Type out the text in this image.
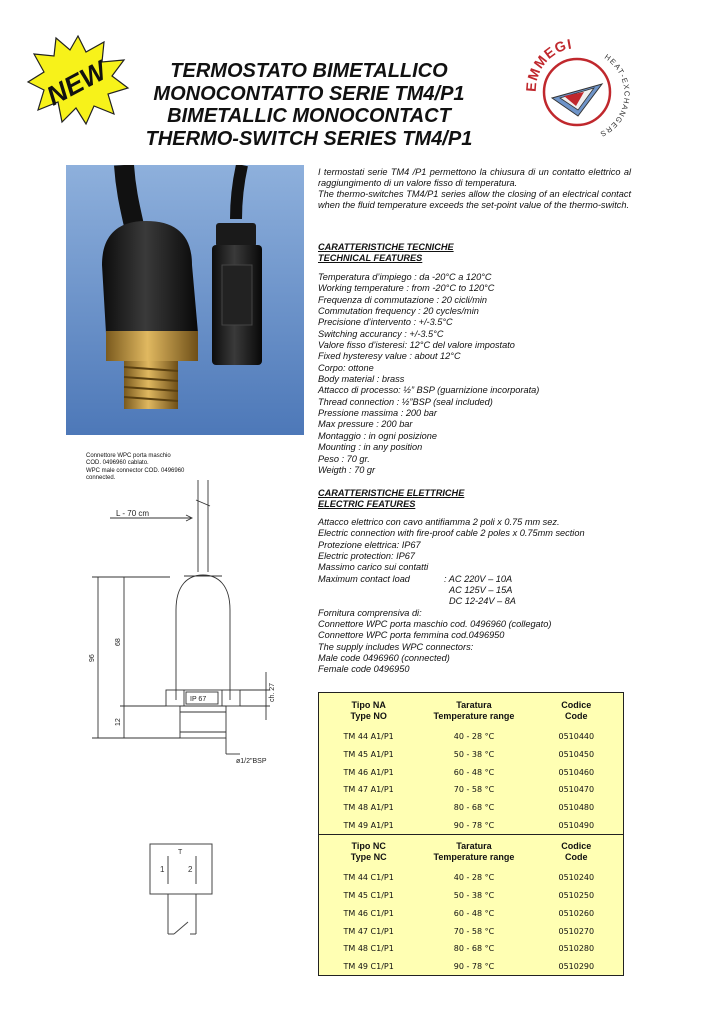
NEW	TERMOSTATO BIMETALLICO
MONOCONTATTO SERIE TM4/P1
BIMETALLIC MONOCONTACT
THERMO-SWITCH SERIES TM4/P1
EMMEGI
HEAT-EXCHANGERS
I termostati serie TM4 /P1 permettono la chiusura di un contatto elettrico al raggiungimento di un valore fisso di temperatura.
The thermo-switches TM4/P1 series allow the closing of an electrical contact when the fluid temperature exceeds the set-point value of the thermo-switch.
CARATTERISTICHE TECNICHE
TECHNICAL FEATURES
Temperatura d’impiego : da -20°C a 120°C
Working temperature : from -20°C to 120°C
Frequenza di commutazione : 20 cicli/min
Commutation frequency : 20 cycles/min
Precisione d’intervento : +/-3.5°C
Switching accurancy : +/-3.5°C
Valore fisso d’isteresi: 12°C del valore impostato
Fixed hysteresy value : about 12°C
Corpo: ottone
Body material : brass
Attacco di processo: ½” BSP (guarnizione incorporata)
Thread connection : ½”BSP (seal included)
Pressione massima : 200 bar
Max pressure : 200 bar
Montaggio : in ogni posizione
Mounting : in any position
Peso : 70 gr.
Weigth : 70 gr
CARATTERISTICHE ELETTRICHE
ELECTRIC FEATURES
Attacco elettrico con cavo antifiamma 2 poli x 0.75 mm sez.
Electric connection with fire-proof cable 2 poles x 0.75mm section
Protezione elettrica: IP67
Electric protection: IP67
Massimo carico sui contatti
Maximum contact load	: AC 220V – 10A
AC 125V – 15A
DC 12-24V – 8A
Fornitura comprensiva di:
Connettore WPC porta maschio cod. 0496960 (collegato)
Connettore WPC porta femmina cod.0496950
The supply includes WPC connectors:
Male code 0496960 (connected)
Female code 0496950
Connettore WPC porta maschio
COD. 0496960 cablato.
WPC male connector COD. 0496960
connected.
L - 70 cm
96
68
12
ch. 27
IP 67
ø1/2"BSP
1	2
T
Tipo NA
Type NO
Taratura
Temperature range
Codice
Code
TM 44 A1/P1	40 - 28 °C	0510440
TM 45 A1/P1	50 - 38 °C	0510450
TM 46 A1/P1	60 - 48 °C	0510460
TM 47 A1/P1	70 - 58 °C	0510470
TM 48 A1/P1	80 - 68 °C	0510480
TM 49 A1/P1	90 - 78 °C	0510490
Tipo NC
Type NC
Taratura
Temperature range
Codice
Code
TM 44 C1/P1	40 - 28 °C	0510240
TM 45 C1/P1	50 - 38 °C	0510250
TM 46 C1/P1	60 - 48 °C	0510260
TM 47 C1/P1	70 - 58 °C	0510270
TM 48 C1/P1	80 - 68 °C	0510280
TM 49 C1/P1	90 - 78 °C	0510290
